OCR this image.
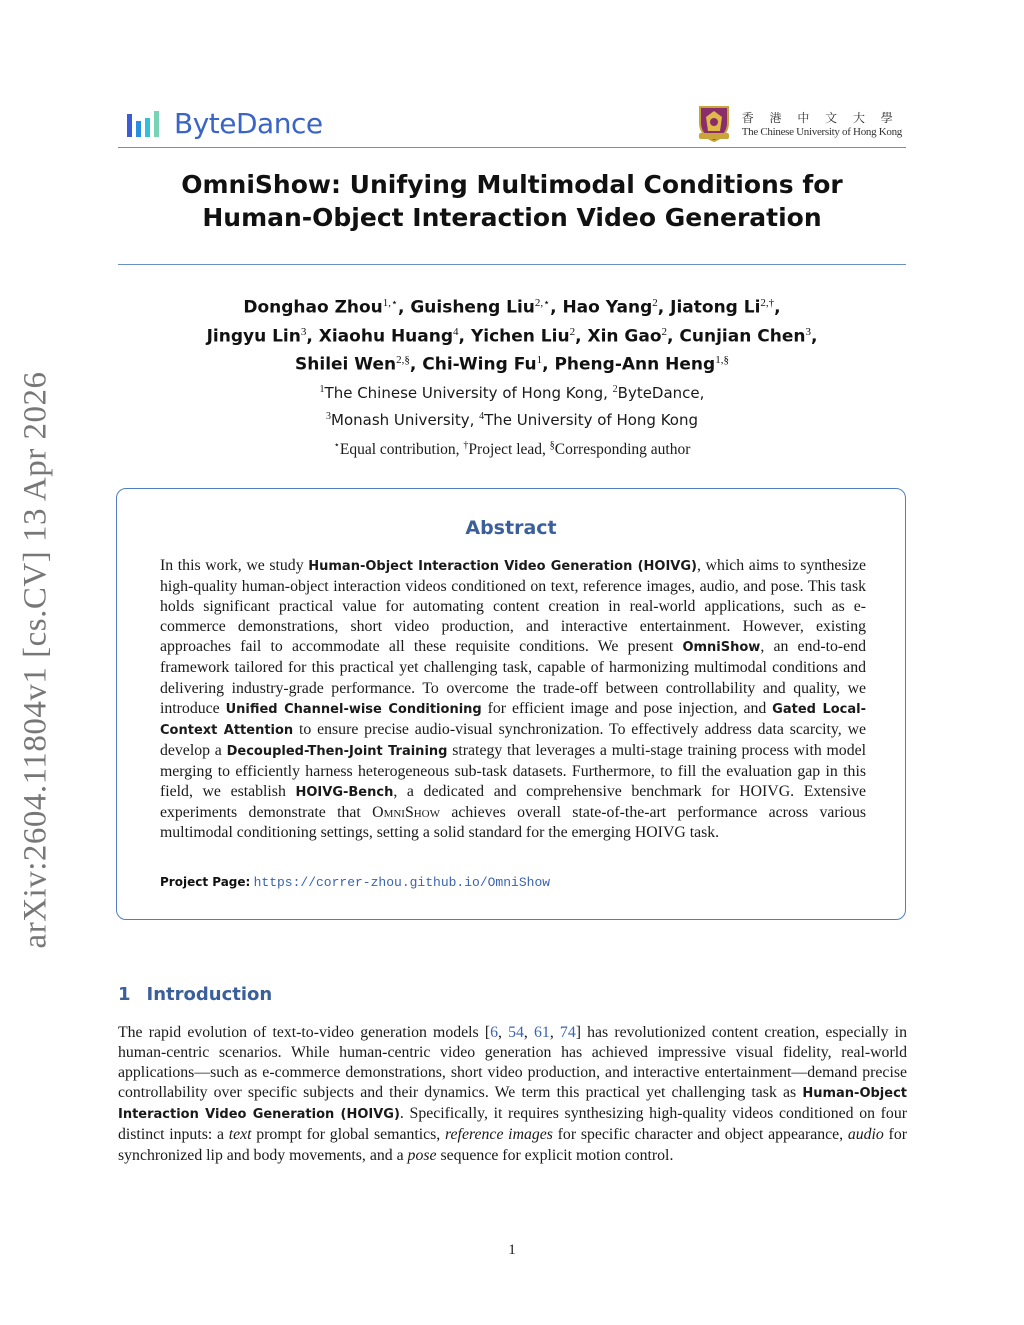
ByteDance	香 港 中 文 大 學
The Chinese University of Hong Kong
arXiv:2604.11804v1 [cs.CV] 13 Apr 2026
OmniShow: Unifying Multimodal Conditions for
Human-Object Interaction Video Generation
Donghao Zhou$^{1,⋆}$, Guisheng Liu$^{2,⋆}$, Hao Yang$^2$, Jiatong $Li^{2,\dagger}$,
Jingyu Lin$^3$, Xiaohu Huang$^4$, Yichen Liu$^2$, Xin Gao$^2$, Cunjian Chen$^3$,
Shilei Wen$^{2,\S}$, Chi-Wing Fu$^1$, Pheng-Ann Heng$^{1,\S}$
$^1$The Chinese University of Hong Kong, $^2$ByteDance,
$^3$Monash University, $^4$The University of Hong Kong
⋆Equal contribution, †Project lead, §Corresponding author
Abstract
In this work, we study Human-Object Interaction Video Generation (HOIVG), which aims to synthesize high-quality human-object interaction videos conditioned on text, reference images, audio, and pose. This task holds significant practical value for automating content creation in real-world applications, such as e-commerce demonstrations, short video production, and interactive entertainment. However, existing approaches fail to accommodate all these requisite conditions. We present OmniShow, an end-to-end framework tailored for this practical yet challenging task, capable of harmonizing multimodal conditions and delivering industry-grade performance. To overcome the trade-off between controllability and quality, we introduce Unified Channel-wise Conditioning for efficient image and pose injection, and Gated Local-Context Attention to ensure precise audio-visual synchronization. To effectively address data scarcity, we develop a Decoupled-Then-Joint Training strategy that leverages a multi-stage training process with model merging to efficiently harness heterogeneous sub-task datasets. Furthermore, to fill the evaluation gap in this field, we establish HOIVG-Bench, a dedicated and comprehensive benchmark for HOIVG. Extensive experiments demonstrate that OmniShow achieves overall state-of-the-art performance across various multimodal conditioning settings, setting a solid standard for the emerging HOIVG task.
Project Page: https://correr-zhou.github.io/OmniShow
1 Introduction
The rapid evolution of text-to-video generation models [6, 54, 61, 74] has revolutionized content creation, especially in human-centric scenarios. While human-centric video generation has achieved impressive visual fidelity, real-world applications—such as e-commerce demonstrations, short video production, and interactive entertainment—demand precise controllability over specific subjects and their dynamics. We term this practical yet challenging task as Human-Object Interaction Video Generation (HOIVG). Specifically, it requires synthesizing high-quality videos conditioned on four distinct inputs: a text prompt for global semantics, reference images for specific character and object appearance, audio for synchronized lip and body movements, and a pose sequence for explicit motion control.
1
